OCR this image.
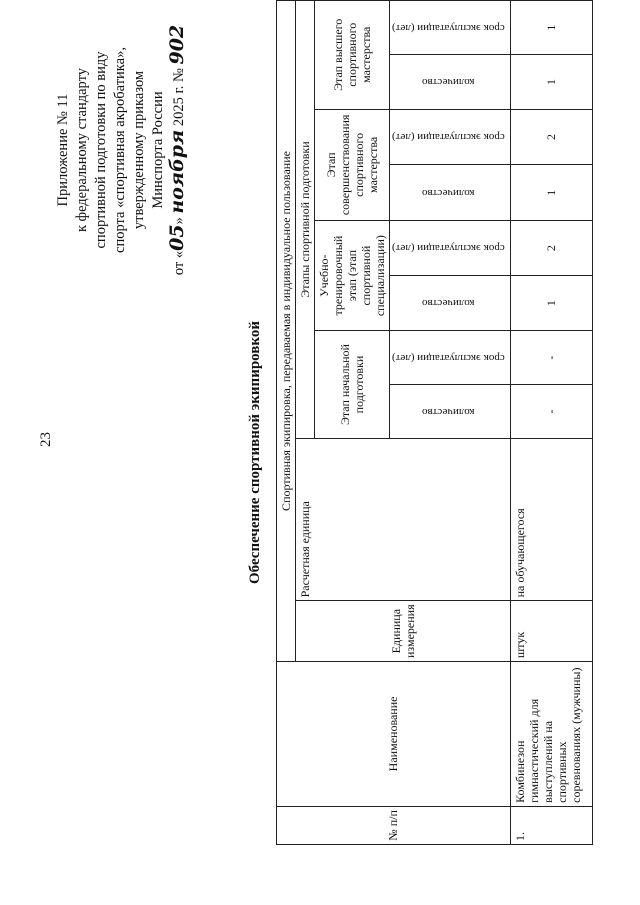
23
Приложение № 11 к федеральному стандарту спортивной подготовки по виду спорта «спортивная акробатика», утвержденному приказом Минспорта России
от «05» ноября 2025 г. № 902
Обеспечение спортивной экипировкой
№ п/п	Наименование	Спортивная экипировка, передаваемая в индивидуальное пользование									
		Единица измерения	Расчетная единица	Этапы спортивной подготовки							
				Этап начальной подготовки		Учебно-тренировочный этап (этап спортивной специализации)		Этап совершенствования спортивного мастерства		Этап высшего спортивного мастерства	
				количество	срок эксплуатации (лет)	количество	срок эксплуатации (лет)	количество	срок эксплуатации (лет)	количество	срок эксплуатации (лет)
1.	Комбинезон гимнастический для выступлений на спортивных соревнованиях (мужчины)	штук	на обучающегося	-	-	1	2	1	2	1	1
